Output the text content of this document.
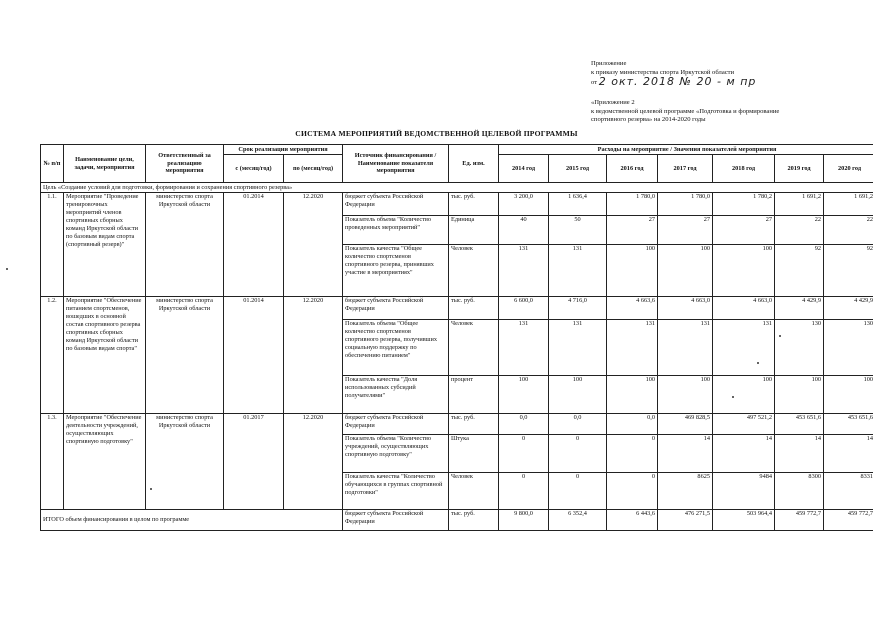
Приложение
к приказу министерства спорта Иркутской области
от 2 окт. 2018 № 20 - м пр
«Приложение 2
к ведомственной целевой программе «Подготовка и формирование
спортивного резерва» на 2014-2020 годы
СИСТЕМА МЕРОПРИЯТИЙ ВЕДОМСТВЕННОЙ ЦЕЛЕВОЙ ПРОГРАММЫ
№ п/п	Наименование цели, задачи, мероприятия	Ответственный за реализацию мероприятия	Срок реализации мероприятия		Источник финансирования / Наименование показателя мероприятия	Ед. изм.	Расходы на мероприятие / Значения показателей мероприятия						
			с (месяц/год)	по (месяц/год)			2014 год	2015 год	2016 год	2017 год	2018 год	2019 год	2020 год
Цель «Создание условий для подготовки, формирования и сохранения спортивного резерва»													
1.1.	Мероприятие "Проведение тренировочных мероприятий членов спортивных сборных команд Иркутской области по базовым видам спорта (спортивный резерв)"	министерство спорта Иркутской области	01.2014	12.2020	бюджет субъекта Российской Федерации	тыс. руб.	3 200,0	1 636,4	1 780,0	1 780,0	1 780,2	1 691,2	1 691,2
					Показатель объема "Количество проведенных мероприятий"	Единица	40	50	27	27	27	22	22
					Показатель качества "Общее количество спортсменов спортивного резерва, принявших участие в мероприятиях"	Человек	131	131	100	100	100	92	92
1.2.	Мероприятие "Обеспечение питанием спортсменов, вошедших в основной состав спортивного резерва спортивных сборных команд Иркутской области по базовым видам спорта"	министерство спорта Иркутской области	01.2014	12.2020	бюджет субъекта Российской Федерации	тыс. руб.	6 600,0	4 716,0	4 663,6	4 663,0	4 663,0	4 429,9	4 429,9
					Показатель объема "Общее количество спортсменов спортивного резерва, получивших социальную поддержку по обеспечению питанием"	Человек	131	131	131	131	131	130	130
					Показатель качества "Доля использованных субсидий получателями"	процент	100	100	100	100	100	100	100
1.3.	Мероприятие "Обеспечение деятельности учреждений, осуществляющих спортивную подготовку"	министерство спорта Иркутской области	01.2017	12.2020	бюджет субъекта Российской Федерации	тыс. руб.	0,0	0,0	0,0	469 828,5	497 521,2	453 651,6	453 651,6
					Показатель объема "Количество учреждений, осуществляющих спортивную подготовку"	Штука	0	0	0	14	14	14	14
					Показатель качества "Количество обучающихся в группах спортивной подготовки"	Человек	0	0	0	8625	9484	8300	8331
ИТОГО объем финансирования в целом по программе					бюджет субъекта Российской Федерации	тыс. руб.	9 800,0	6 352,4	6 443,6	476 271,5	503 964,4	459 772,7	459 772,7
